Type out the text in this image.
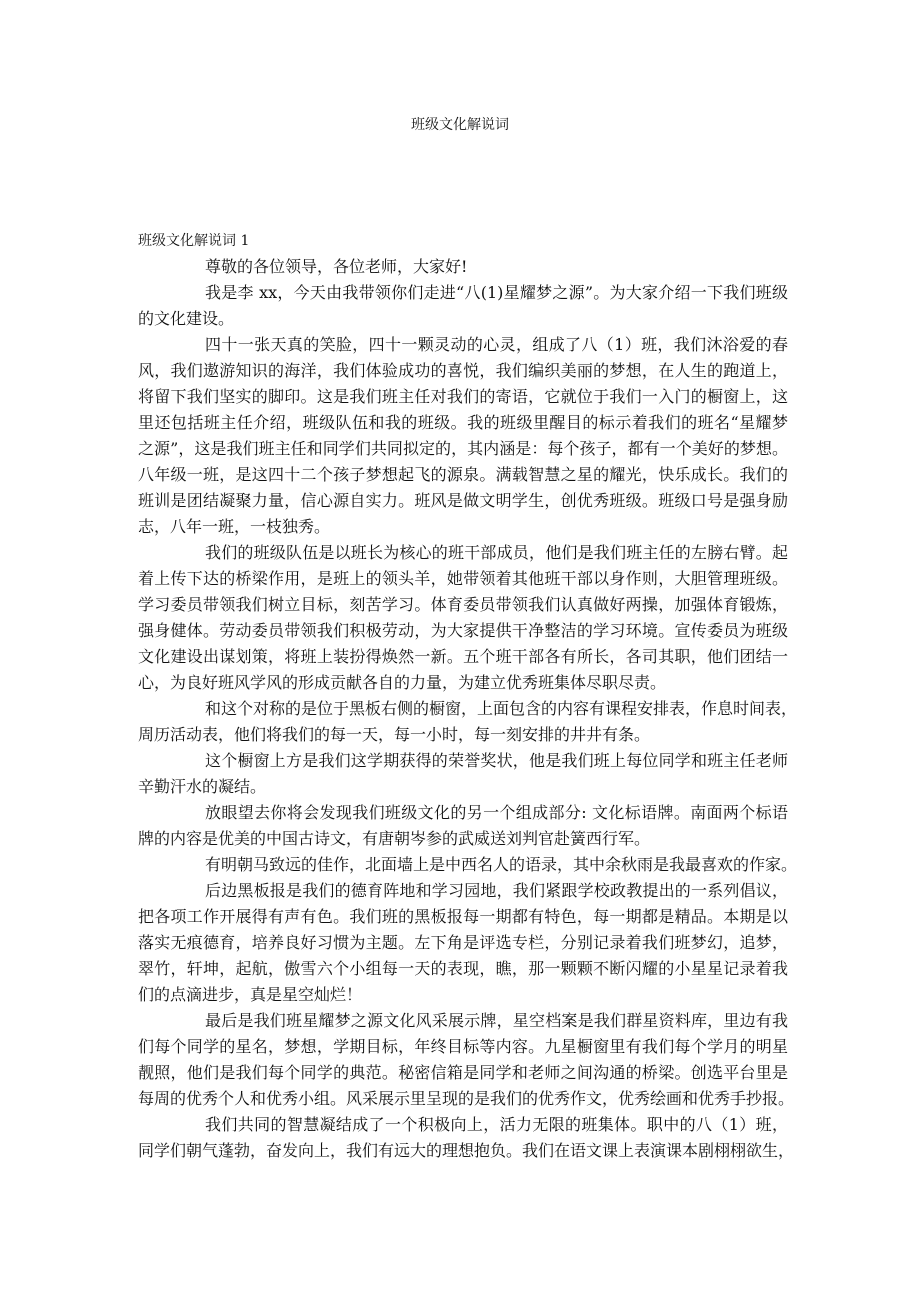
班级文化解说词
班级文化解说词 1
尊敬的各位领导，各位老师，大家好!
我是李 xx，今天由我带领你们走进“八(1)星耀梦之源”。为大家介绍一下我们班级
的文化建设。
四十一张天真的笑脸，四十一颗灵动的心灵，组成了八（1）班，我们沐浴爱的春
风，我们遨游知识的海洋，我们体验成功的喜悦，我们编织美丽的梦想，在人生的跑道上，
将留下我们坚实的脚印。这是我们班主任对我们的寄语，它就位于我们一入门的橱窗上，这
里还包括班主任介绍，班级队伍和我的班级。我的班级里醒目的标示着我们的班名“星耀梦
之源”，这是我们班主任和同学们共同拟定的，其内涵是：每个孩子，都有一个美好的梦想。
八年级一班，是这四十二个孩子梦想起飞的源泉。满载智慧之星的耀光，快乐成长。我们的
班训是团结凝聚力量，信心源自实力。班风是做文明学生，创优秀班级。班级口号是强身励
志，八年一班，一枝独秀。
我们的班级队伍是以班长为核心的班干部成员，他们是我们班主任的左膀右臂。起
着上传下达的桥梁作用，是班上的领头羊，她带领着其他班干部以身作则，大胆管理班级。
学习委员带领我们树立目标，刻苦学习。体育委员带领我们认真做好两操，加强体育锻炼，
强身健体。劳动委员带领我们积极劳动，为大家提供干净整洁的学习环境。宣传委员为班级
文化建设出谋划策，将班上装扮得焕然一新。五个班干部各有所长，各司其职，他们团结一
心，为良好班风学风的形成贡献各自的力量，为建立优秀班集体尽职尽责。
和这个对称的是位于黑板右侧的橱窗，上面包含的内容有课程安排表，作息时间表，
周历活动表，他们将我们的每一天，每一小时，每一刻安排的井井有条。
这个橱窗上方是我们这学期获得的荣誉奖状，他是我们班上每位同学和班主任老师
辛勤汗水的凝结。
放眼望去你将会发现我们班级文化的另一个组成部分: 文化标语牌。南面两个标语
牌的内容是优美的中国古诗文，有唐朝岑参的武威送刘判官赴簧西行军。
有明朝马致远的佳作，北面墙上是中西名人的语录，其中余秋雨是我最喜欢的作家。
后边黑板报是我们的德育阵地和学习园地，我们紧跟学校政教提出的一系列倡议，
把各项工作开展得有声有色。我们班的黑板报每一期都有特色，每一期都是精品。本期是以
落实无痕德育，培养良好习惯为主题。左下角是评选专栏，分别记录着我们班梦幻，追梦，
翠竹，轩坤，起航，傲雪六个小组每一天的表现，瞧，那一颗颗不断闪耀的小星星记录着我
们的点滴进步，真是星空灿烂！
最后是我们班星耀梦之源文化风采展示牌，星空档案是我们群星资料库，里边有我
们每个同学的星名，梦想，学期目标，年终目标等内容。九星橱窗里有我们每个学月的明星
靓照，他们是我们每个同学的典范。秘密信箱是同学和老师之间沟通的桥梁。创选平台里是
每周的优秀个人和优秀小组。风采展示里呈现的是我们的优秀作文，优秀绘画和优秀手抄报。
我们共同的智慧凝结成了一个积极向上，活力无限的班集体。职中的八（1）班，
同学们朝气蓬勃，奋发向上，我们有远大的理想抱负。我们在语文课上表演课本剧栩栩欲生，
